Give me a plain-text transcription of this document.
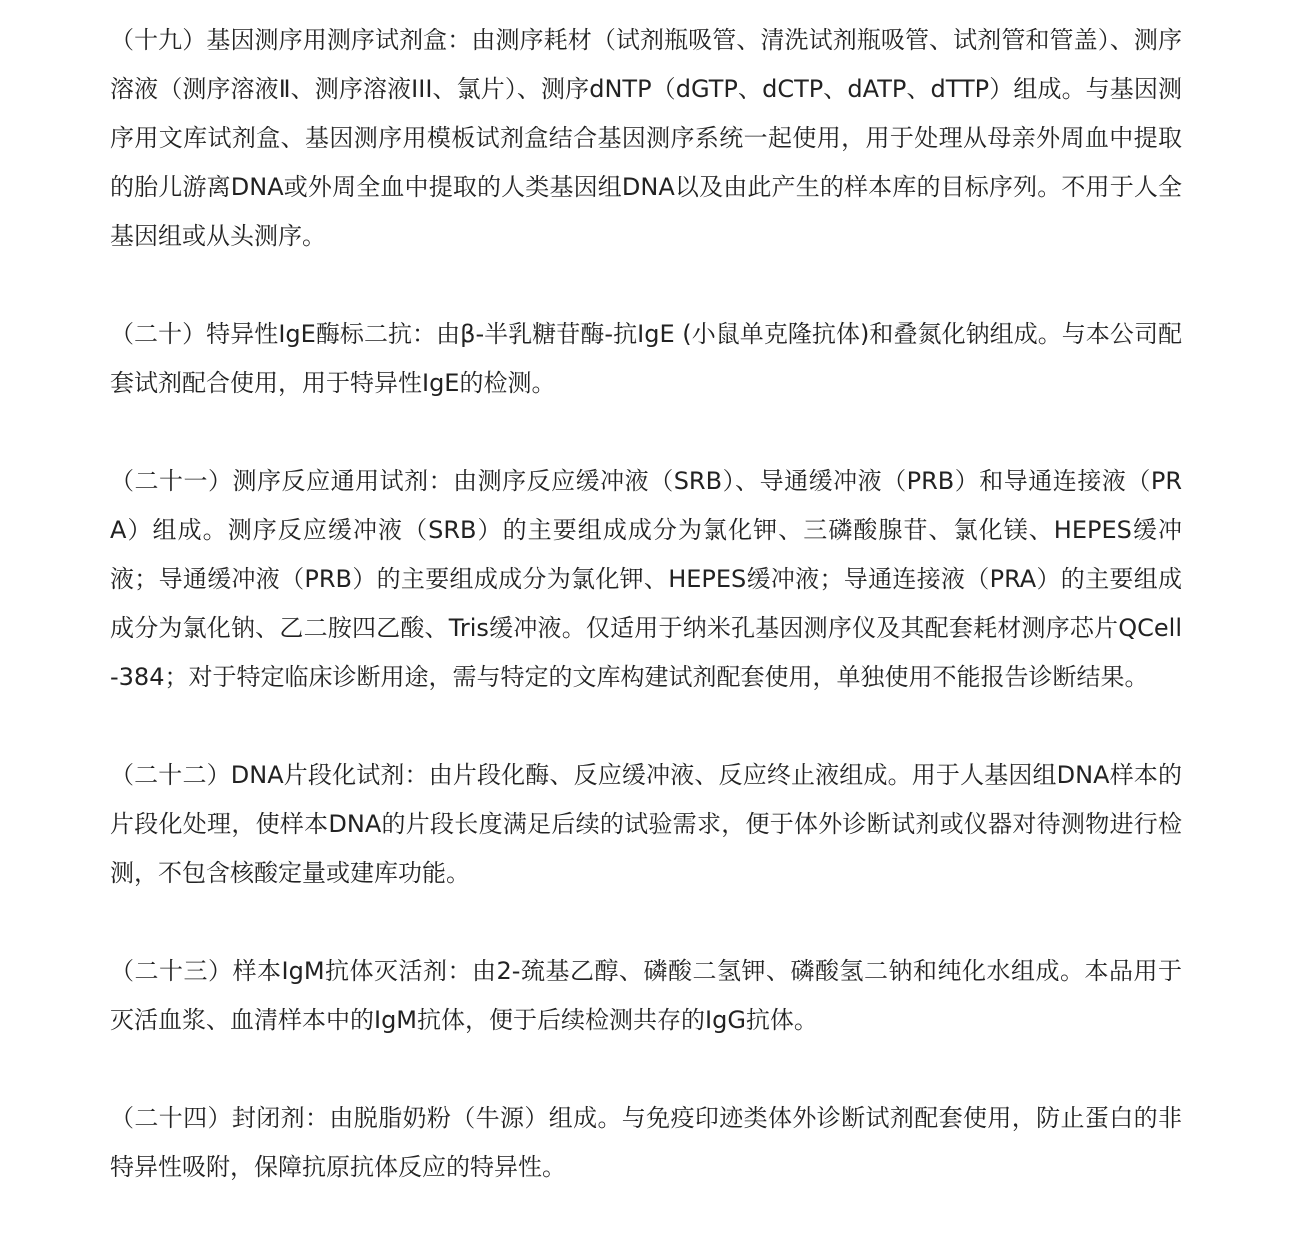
（十九）基因测序用测序试剂盒：由测序耗材（试剂瓶吸管、清洗试剂瓶吸管、试剂管和管盖）、测序溶液（测序溶液Ⅱ、测序溶液III、氯片）、测序dNTP（dGTP、dCTP、dATP、dTTP）组成。与基因测序用文库试剂盒、基因测序用模板试剂盒结合基因测序系统一起使用，用于处理从母亲外周血中提取的胎儿游离DNA或外周全血中提取的人类基因组DNA以及由此产生的样本库的目标序列。不用于人全基因组或从头测序。

（二十）特异性IgE酶标二抗：由β-半乳糖苷酶-抗IgE (小鼠单克隆抗体)和叠氮化钠组成。与本公司配套试剂配合使用，用于特异性IgE的检测。

（二十一）测序反应通用试剂：由测序反应缓冲液（SRB）、导通缓冲液（PRB）和导通连接液（PRA）组成。测序反应缓冲液（SRB）的主要组成成分为氯化钾、三磷酸腺苷、氯化镁、HEPES缓冲液；导通缓冲液（PRB）的主要组成成分为氯化钾、HEPES缓冲液；导通连接液（PRA）的主要组成成分为氯化钠、乙二胺四乙酸、Tris缓冲液。仅适用于纳米孔基因测序仪及其配套耗材测序芯片QCell-384；对于特定临床诊断用途，需与特定的文库构建试剂配套使用，单独使用不能报告诊断结果。

（二十二）DNA片段化试剂：由片段化酶、反应缓冲液、反应终止液组成。用于人基因组DNA样本的片段化处理，使样本DNA的片段长度满足后续的试验需求，便于体外诊断试剂或仪器对待测物进行检测，不包含核酸定量或建库功能。

（二十三）样本IgM抗体灭活剂：由2-巯基乙醇、磷酸二氢钾、磷酸氢二钠和纯化水组成。本品用于灭活血浆、血清样本中的IgM抗体，便于后续检测共存的IgG抗体。

（二十四）封闭剂：由脱脂奶粉（牛源）组成。与免疫印迹类体外诊断试剂配套使用，防止蛋白的非特异性吸附，保障抗原抗体反应的特异性。
